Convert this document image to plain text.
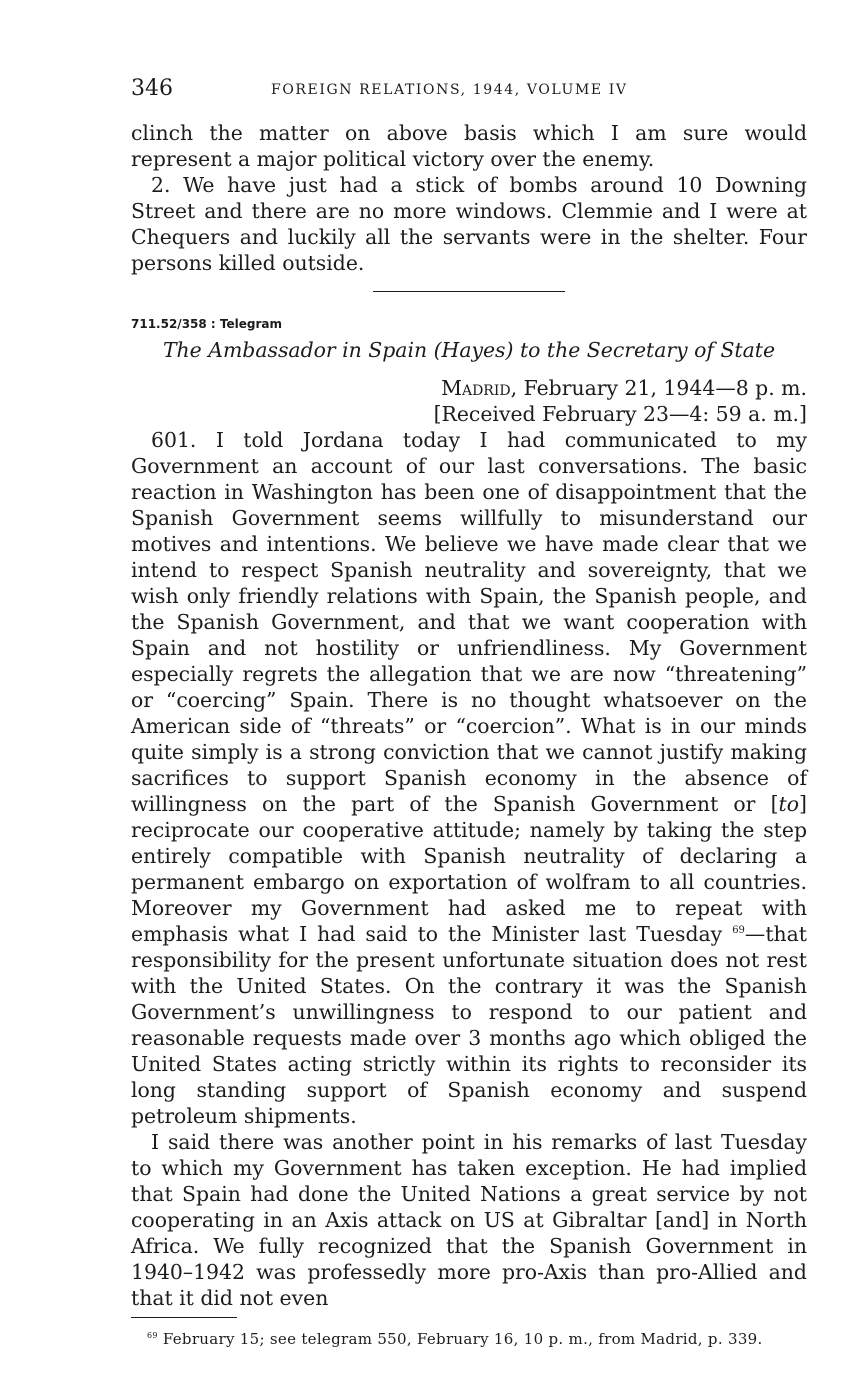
346	FOREIGN RELATIONS, 1944, VOLUME IV

clinch the matter on above basis which I am sure would represent a major political victory over the enemy.

2. We have just had a stick of bombs around 10 Downing Street and there are no more windows. Clemmie and I were at Chequers and luckily all the servants were in the shelter. Four persons killed outside.

711.52/358 : Telegram
The Ambassador in Spain (Hayes) to the Secretary of State
Madrid, February 21, 1944—8 p. m.
[Received February 23—4: 59 a. m.]

601. I told Jordana today I had communicated to my Government an account of our last conversations. The basic reaction in Washington has been one of disappointment that the Spanish Government seems willfully to misunderstand our motives and intentions. We believe we have made clear that we intend to respect Spanish neutrality and sovereignty, that we wish only friendly relations with Spain, the Spanish people, and the Spanish Government, and that we want cooperation with Spain and not hostility or unfriendliness. My Government especially regrets the allegation that we are now “threatening” or “coercing” Spain. There is no thought whatsoever on the American side of “threats” or “coercion”. What is in our minds quite simply is a strong conviction that we cannot justify making sacrifices to support Spanish economy in the absence of willingness on the part of the Spanish Government or [to] reciprocate our cooperative attitude; namely by taking the step entirely compatible with Spanish neutrality of declaring a permanent embargo on exportation of wolfram to all countries. Moreover my Government had asked me to repeat with emphasis what I had said to the Minister last Tuesday $^{69}$—that responsibility for the present unfortunate situation does not rest with the United States. On the contrary it was the Spanish Government’s unwillingness to respond to our patient and reasonable requests made over 3 months ago which obliged the United States acting strictly within its rights to reconsider its long standing support of Spanish economy and suspend petroleum shipments.

I said there was another point in his remarks of last Tuesday to which my Government has taken exception. He had implied that Spain had done the United Nations a great service by not cooperating in an Axis attack on US at Gibraltar [and] in North Africa. We fully recognized that the Spanish Government in 1940–1942 was professedly more pro-Axis than pro-Allied and that it did not even

$^{69}$ February 15; see telegram 550, February 16, 10 p. m., from Madrid, p. 339.
